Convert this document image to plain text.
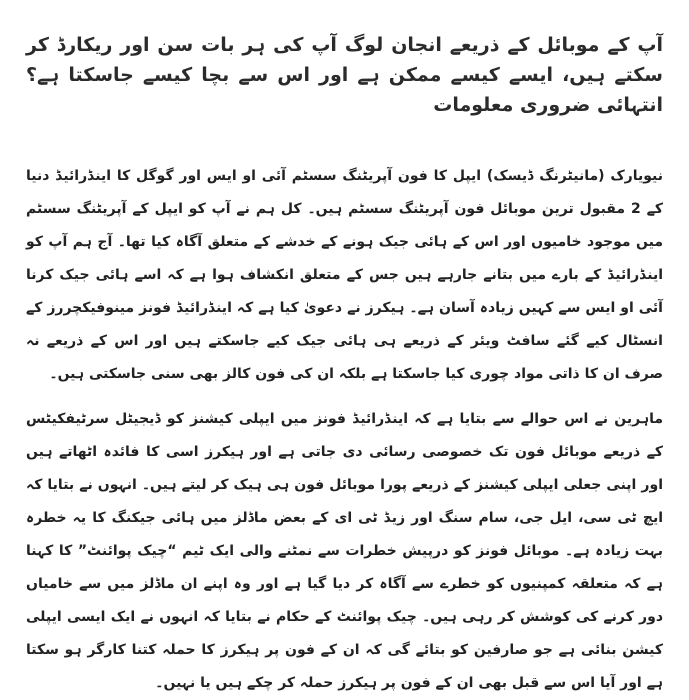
آپ کے موبائل کے ذریعے انجان لوگ آپ کی ہر بات سن اور ریکارڈ کر سکتے ہیں، ایسے کیسے ممکن ہے اور اس سے بچا کیسے جاسکتا ہے؟ انتہائی ضروری معلومات

نیویارک (مانیٹرنگ ڈیسک) ایپل کا فون آپریٹنگ سسٹم آئی او ایس اور گوگل کا اینڈرائیڈ دنیا کے 2 مقبول ترین موبائل فون آپریٹنگ سسٹم ہیں۔ کل ہم نے آپ کو ایپل کے آپریٹنگ سسٹم میں موجود خامیوں اور اس کے ہائی جیک ہونے کے خدشے کے متعلق آگاہ کیا تھا۔ آج ہم آپ کو اینڈرائیڈ کے بارے میں بتانے جارہے ہیں جس کے متعلق انکشاف ہوا ہے کہ اسے ہائی جیک کرنا آئی او ایس سے کہیں زیادہ آسان ہے۔ ہیکرز نے دعویٰ کیا ہے کہ اینڈرائیڈ فونز مینوفیکچررز کے انسٹال کیے گئے سافٹ ویئر کے ذریعے ہی ہائی جیک کیے جاسکتے ہیں اور اس کے ذریعے نہ صرف ان کا ذاتی مواد چوری کیا جاسکتا ہے بلکہ ان کی فون کالز بھی سنی جاسکتی ہیں۔

ماہرین نے اس حوالے سے بتایا ہے کہ اینڈرائیڈ فونز میں ایپلی کیشنز کو ڈیجیٹل سرٹیفکیٹس کے ذریعے موبائل فون تک خصوصی رسائی دی جاتی ہے اور ہیکرز اسی کا فائدہ اٹھاتے ہیں اور اپنی جعلی ایپلی کیشنز کے ذریعے پورا موبائل فون ہی ہیک کر لیتے ہیں۔ انہوں نے بتایا کہ ایچ ٹی سی، ایل جی، سام سنگ اور زیڈ ٹی ای کے بعض ماڈلز میں ہائی جیکنگ کا یہ خطرہ بہت زیادہ ہے۔ موبائل فونز کو درپیش خطرات سے نمٹنے والی ایک ٹیم “چیک پوائنٹ” کا کہنا ہے کہ متعلقہ کمپنیوں کو خطرے سے آگاہ کر دیا گیا ہے اور وہ اپنے ان ماڈلز میں سے خامیاں دور کرنے کی کوشش کر رہی ہیں۔ چیک پوائنٹ کے حکام نے بتایا کہ انہوں نے ایک ایسی ایپلی کیشن بنائی ہے جو صارفین کو بتائے گی کہ ان کے فون پر ہیکرز کا حملہ کتنا کارگر ہو سکتا ہے اور آیا اس سے قبل بھی ان کے فون پر ہیکرز حملہ کر چکے ہیں یا نہیں۔
